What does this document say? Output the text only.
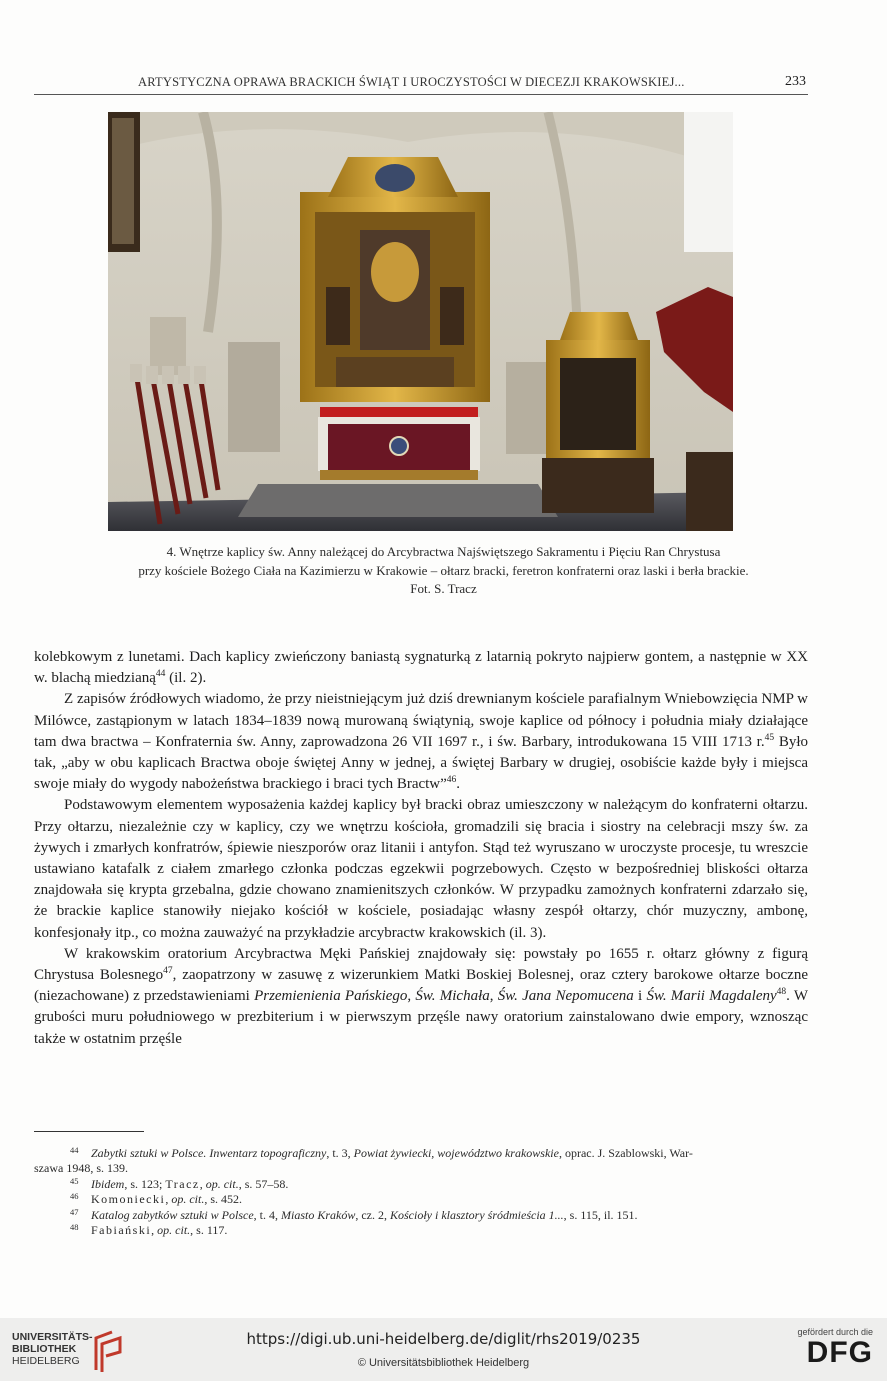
ARTYSTYCZNA OPRAWA BRACKICH ŚWIĄT I UROCZYSTOŚCI W DIECEZJI KRAKOWSKIEJ...	233
4. Wnętrze kaplicy św. Anny należącej do Arcybractwa Najświętszego Sakramentu i Pięciu Ran Chrystusa
przy kościele Bożego Ciała na Kazimierzu w Krakowie – ołtarz bracki, feretron konfraterni oraz laski i berła brackie.
Fot. S. Tracz

kolebkowym z lunetami. Dach kaplicy zwieńczony baniastą sygnaturką z latarnią pokryto najpierw gontem, a następnie w XX w. blachą miedzianą$^{44}$ (il. 2).

Z zapisów źródłowych wiadomo, że przy nieistniejącym już dziś drewnianym kościele parafialnym Wniebowzięcia NMP w Milówce, zastąpionym w latach 1834–1839 nową murowaną świątynią, swoje kaplice od północy i południa miały działające tam dwa bractwa – Konfraternia św. Anny, zaprowadzona 26 VII 1697 r., i św. Barbary, introdukowana 15 VIII 1713 r.$^{45}$ Było tak, „aby w obu kaplicach Bractwa oboje świętej Anny w jednej, a świętej Barbary w drugiej, osobiście każde były i miejsca swoje miały do wygody nabożeństwa brackiego i braci tych Bractw”$^{46}$.

Podstawowym elementem wyposażenia każdej kaplicy był bracki obraz umieszczony w należącym do konfraterni ołtarzu. Przy ołtarzu, niezależnie czy w kaplicy, czy we wnętrzu kościoła, gromadzili się bracia i siostry na celebracji mszy św. za żywych i zmarłych konfratrów, śpiewie nieszporów oraz litanii i antyfon. Stąd też wyruszano w uroczyste procesje, tu wreszcie ustawiano katafalk z ciałem zmarłego członka podczas egzekwii pogrzebowych. Często w bezpośredniej bliskości ołtarza znajdowała się krypta grzebalna, gdzie chowano znamienitszych członków. W przypadku zamożnych konfraterni zdarzało się, że brackie kaplice stanowiły niejako kościół w kościele, posiadając własny zespół ołtarzy, chór muzyczny, ambonę, konfesjonały itp., co można zauważyć na przykładzie arcybractw krakowskich (il. 3).

W krakowskim oratorium Arcybractwa Męki Pańskiej znajdowały się: powstały po 1655 r. ołtarz główny z figurą Chrystusa Bolesnego$^{47}$, zaopatrzony w zasuwę z wizerunkiem Matki Boskiej Bolesnej, oraz cztery barokowe ołtarze boczne (niezachowane) z przedstawieniami Przemienienia Pańskiego, Św. Michała, Św. Jana Nepomucena i Św. Marii Magdaleny$^{48}$. W grubości muru południowego w prezbiterium i w pierwszym przęśle nawy oratorium zainstalowano dwie empory, wznosząc także w ostatnim przęśle

44	Zabytki sztuki w Polsce. Inwentarz topograficzny, t. 3, Powiat żywiecki, województwo krakowskie, oprac. J. Szablowski, War-
szawa 1948, s. 139.
45	Ibidem, s. 123; Tracz, op. cit., s. 57–58.
46	Komoniecki, op. cit., s. 452.
47	Katalog zabytków sztuki w Polsce, t. 4, Miasto Kraków, cz. 2, Kościoły i klasztory śródmieścia 1..., s. 115, il. 151.
48	Fabiański, op. cit., s. 117.
UNIVERSITÄTS-
BIBLIOTHEK
HEIDELBERG
https://digi.ub.uni-heidelberg.de/diglit/rhs2019/0235
© Universitätsbibliothek Heidelberg
gefördert durch die
DFG
